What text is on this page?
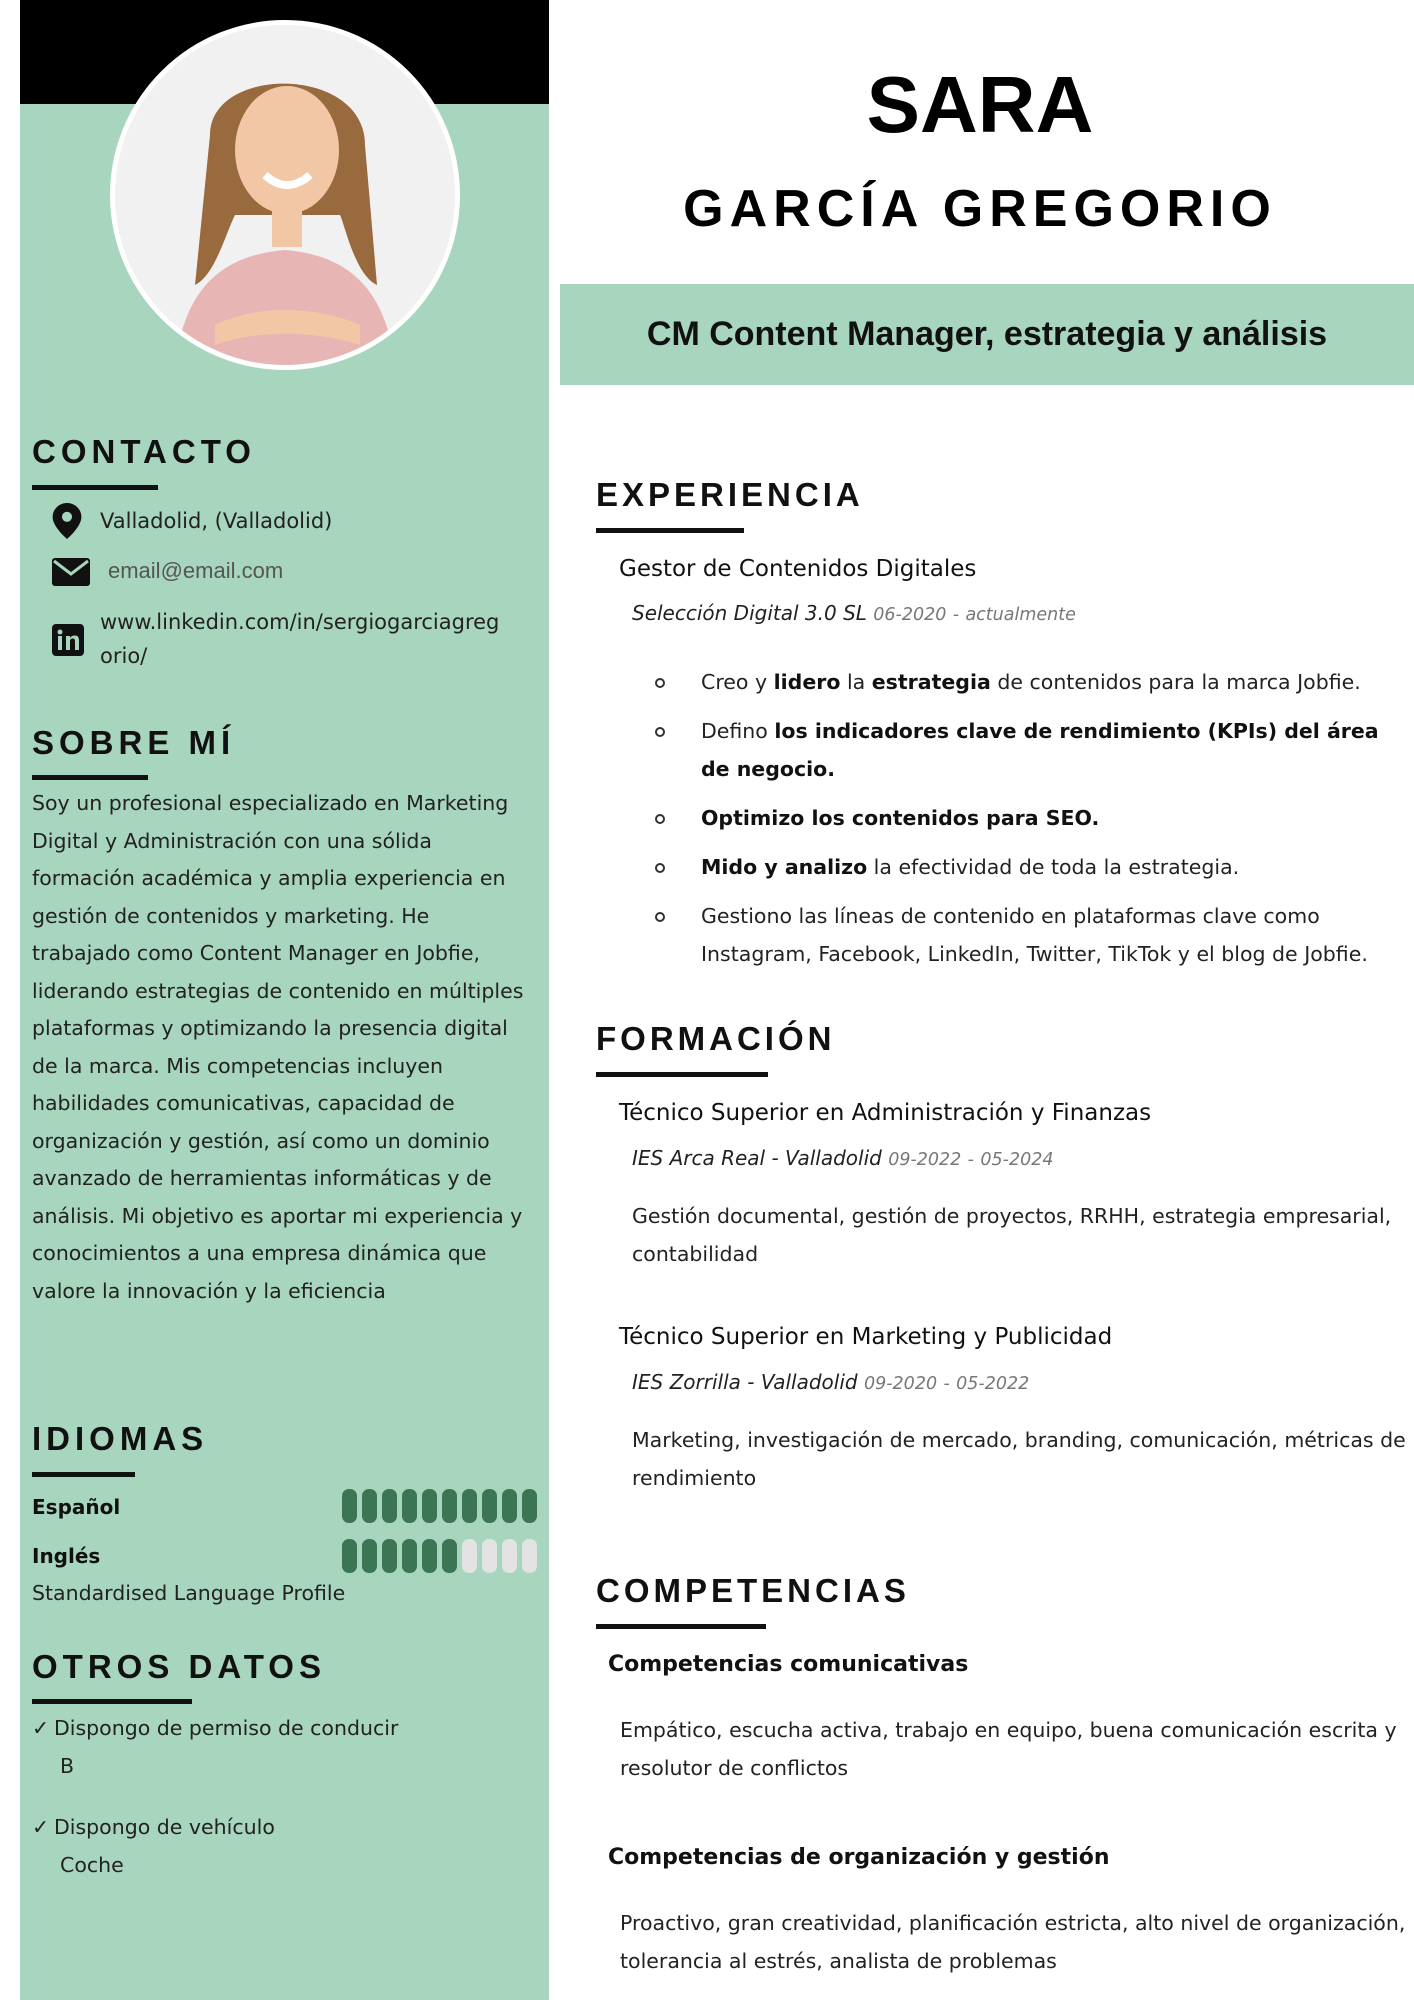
CONTACTO
Valladolid, (Valladolid)
email@email.com
www.linkedin.com/in/sergiogarciagreg
orio/
SOBRE MÍ
Soy un profesional especializado en Marketing Digital y Administración con una sólida formación académica y amplia experiencia en gestión de contenidos y marketing. He trabajado como Content Manager en Jobfie, liderando estrategias de contenido en múltiples plataformas y optimizando la presencia digital de la marca. Mis competencias incluyen habilidades comunicativas, capacidad de organización y gestión, así como un dominio avanzado de herramientas informáticas y de análisis. Mi objetivo es aportar mi experiencia y conocimientos a una empresa dinámica que valore la innovación y la eficiencia
IDIOMAS
Español
Inglés
Standardised Language Profile
OTROS DATOS
✓ Dispongo de permiso de conducir
B
✓ Dispongo de vehículo
Coche
SARA
GARCÍA GREGORIO
CM Content Manager, estrategia y análisis
EXPERIENCIA
Gestor de Contenidos Digitales
Selección Digital 3.0 SL 06-2020 - actualmente
Creo y lidero la estrategia de contenidos para la marca Jobfie.
Defino los indicadores clave de rendimiento (KPIs) del área de negocio.
Optimizo los contenidos para SEO.
Mido y analizo la efectividad de toda la estrategia.
Gestiono las líneas de contenido en plataformas clave como Instagram, Facebook, LinkedIn, Twitter, TikTok y el blog de Jobfie.
FORMACIÓN
Técnico Superior en Administración y Finanzas
IES Arca Real - Valladolid 09-2022 - 05-2024
Gestión documental, gestión de proyectos, RRHH, estrategia empresarial, contabilidad
Técnico Superior en Marketing y Publicidad
IES Zorrilla - Valladolid 09-2020 - 05-2022
Marketing, investigación de mercado, branding, comunicación, métricas de rendimiento
COMPETENCIAS
Competencias comunicativas
Empático, escucha activa, trabajo en equipo, buena comunicación escrita y resolutor de conflictos
Competencias de organización y gestión
Proactivo, gran creatividad, planificación estricta, alto nivel de organización, tolerancia al estrés, analista de problemas
